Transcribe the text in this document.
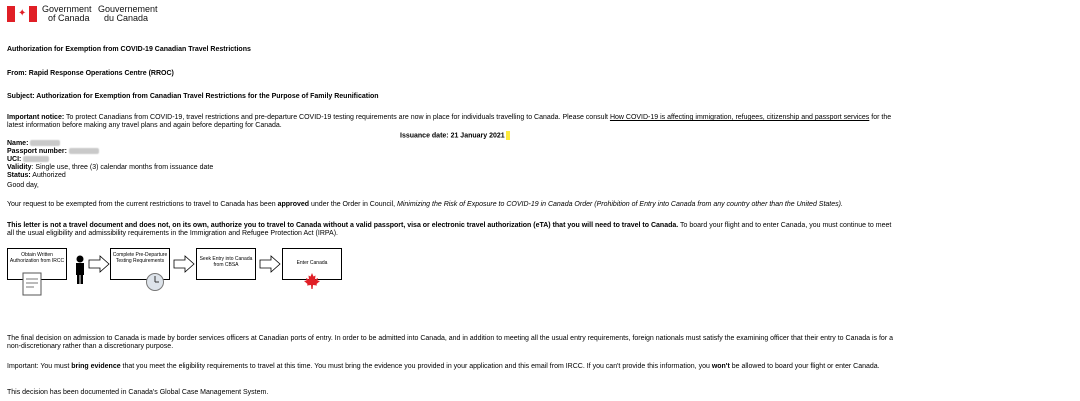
✦ Government
of Canada
Gouvernement
du Canada
Authorization for Exemption from COVID-19 Canadian Travel Restrictions
From: Rapid Response Operations Centre (RROC)
Subject: Authorization for Exemption from Canadian Travel Restrictions for the Purpose of Family Reunification
Important notice: To protect Canadians from COVID-19, travel restrictions and pre-departure COVID-19 testing requirements are now in place for individuals travelling to Canada. Please consult How COVID-19 is affecting immigration, refugees, citizenship and passport services for the
latest information before making any travel plans and again before departing for Canada.
Issuance date: 21 January 2021
Name:
Passport number:
UCI:
Validity: Single use, three (3) calendar months from issuance date
Status: Authorized
Good day,
Your request to be exempted from the current restrictions to travel to Canada has been approved under the Order in Council, Minimizing the Risk of Exposure to COVID-19 in Canada Order (Prohibition of Entry into Canada from any country other than the United States).
This letter is not a travel document and does not, on its own, authorize you to travel to Canada without a valid passport, visa or electronic travel authorization (eTA) that you will need to travel to Canada. To board your flight and to enter Canada, you must continue to meet
all the usual eligibility and admissibility requirements in the Immigration and Refugee Protection Act (IRPA).
Obtain Written Authorization from IRCC
Complete Pre-Departure Testing Requirements	Seek Entry into Canada from CBSA	Enter Canada
The final decision on admission to Canada is made by border services officers at Canadian ports of entry. In order to be admitted into Canada, and in addition to meeting all the usual entry requirements, foreign nationals must satisfy the examining officer that their entry to Canada is for a
non-discretionary rather than a discretionary purpose.
Important: You must bring evidence that you meet the eligibility requirements to travel at this time. You must bring the evidence you provided in your application and this email from IRCC. If you can't provide this information, you won't be allowed to board your flight or enter Canada.
This decision has been documented in Canada's Global Case Management System.
